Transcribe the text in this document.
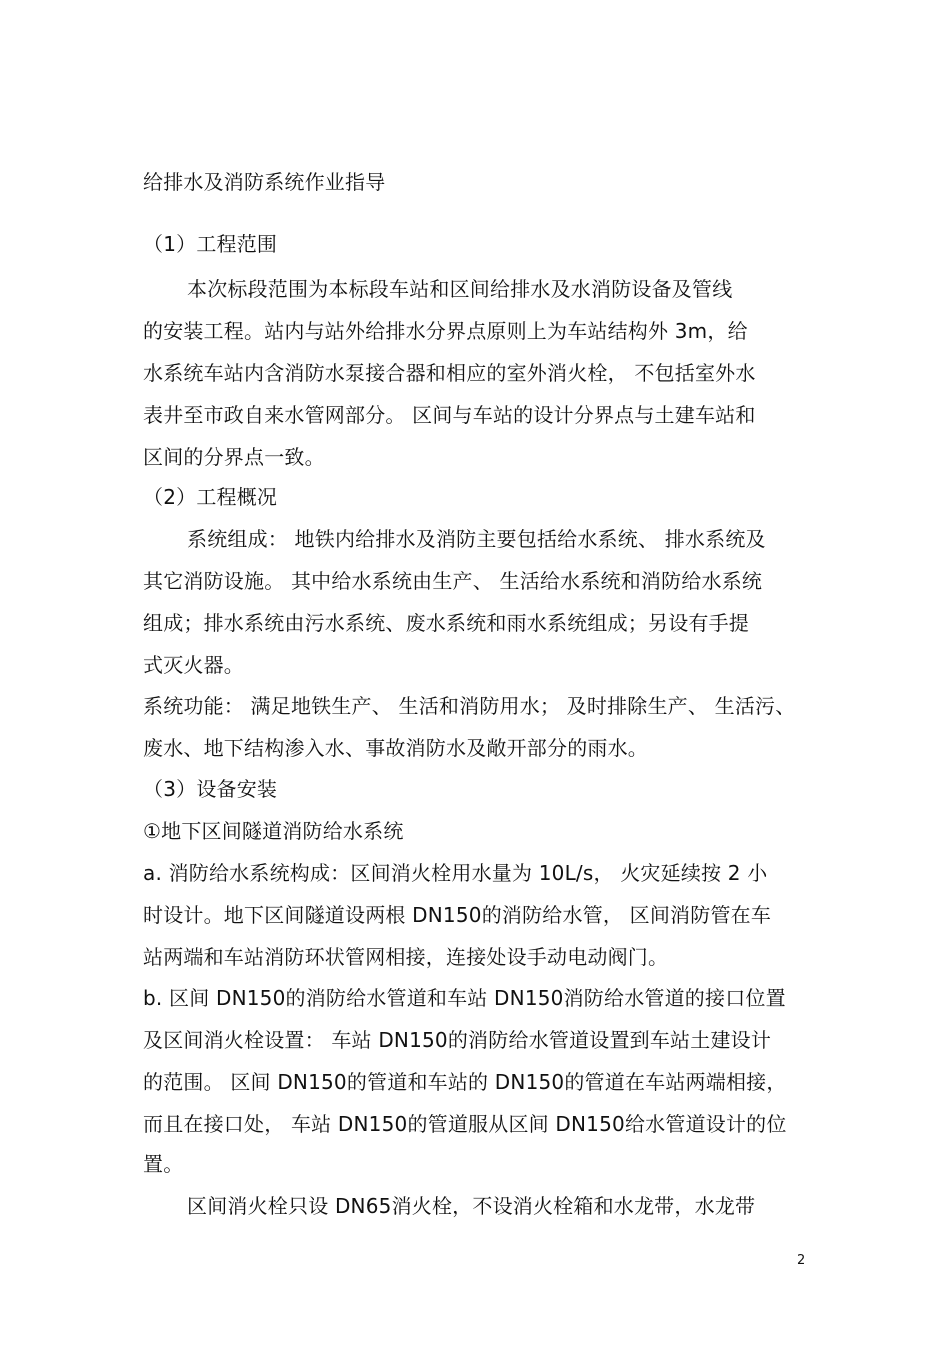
给排水及消防系统作业指导
（1）工程范围
本次标段范围为本标段车站和区间给排水及水消防设备及管线
的安装工程。站内与站外给排水分界点原则上为车站结构外 3m，给
水系统车站内含消防水泵接合器和相应的室外消火栓， 不包括室外水
表井至市政自来水管网部分。 区间与车站的设计分界点与土建车站和
区间的分界点一致。
（2）工程概况
系统组成： 地铁内给排水及消防主要包括给水系统、 排水系统及
其它消防设施。 其中给水系统由生产、 生活给水系统和消防给水系统
组成；排水系统由污水系统、废水系统和雨水系统组成；另设有手提
式灭火器。
系统功能： 满足地铁生产、 生活和消防用水； 及时排除生产、 生活污、
废水、地下结构渗入水、事故消防水及敞开部分的雨水。
（3）设备安装
①地下区间隧道消防给水系统
a. 消防给水系统构成：区间消火栓用水量为 10L/s， 火灾延续按 2 小
时设计。地下区间隧道设两根 DN150的消防给水管， 区间消防管在车
站两端和车站消防环状管网相接，连接处设手动电动阀门。
b. 区间 DN150的消防给水管道和车站 DN150消防给水管道的接口位置
及区间消火栓设置： 车站 DN150的消防给水管道设置到车站土建设计
的范围。 区间 DN150的管道和车站的 DN150的管道在车站两端相接，
而且在接口处， 车站 DN150的管道服从区间 DN150给水管道设计的位
置。
区间消火栓只设 DN65消火栓，不设消火栓箱和水龙带，水龙带
2
